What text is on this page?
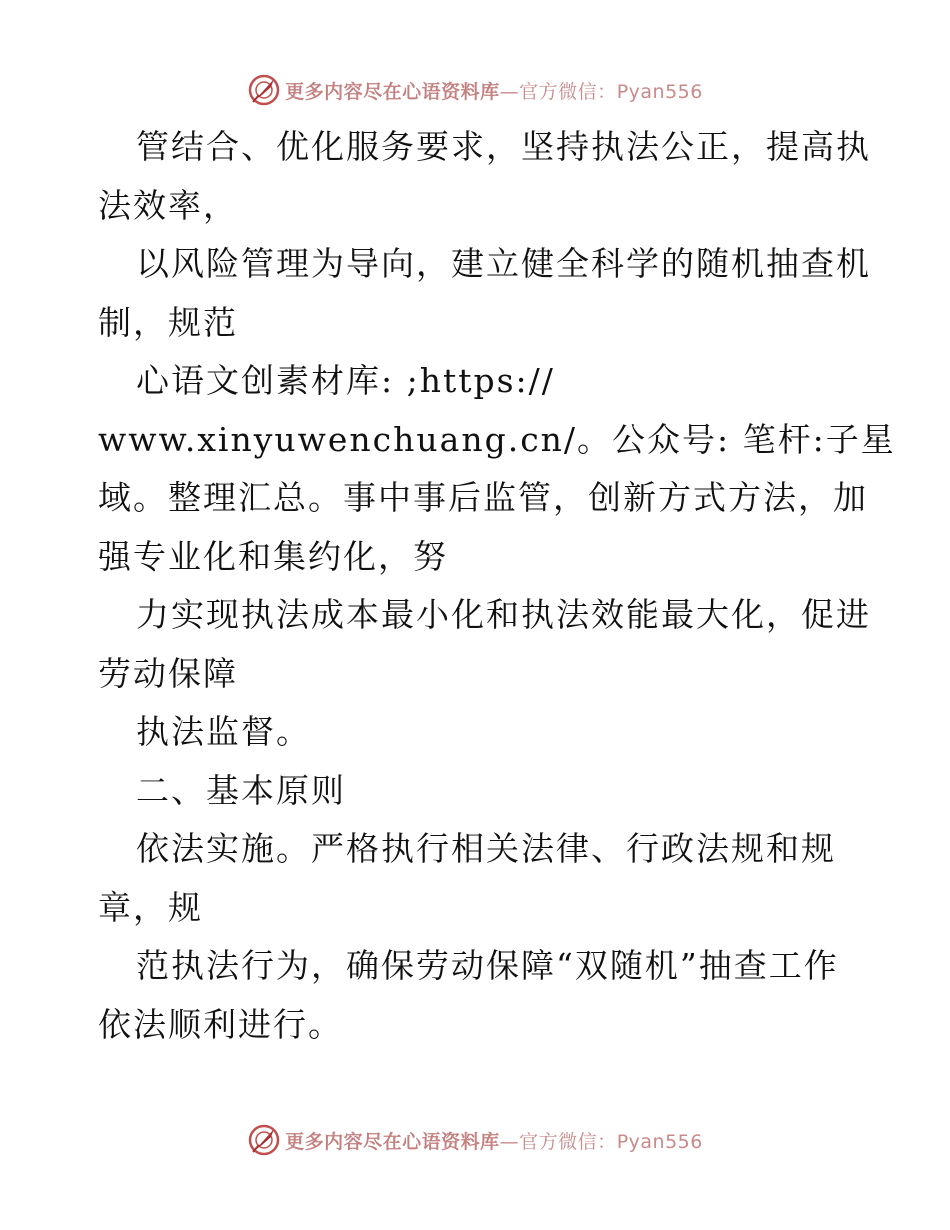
更多内容尽在心语资料库—官方微信：Pyan556
管结合、优化服务要求，坚持执法公正，提高执
法效率，
以风险管理为导向，建立健全科学的随机抽查机
制，规范
心语文创素材库: ;https://
www.xinyuwenchuang.cn/。公众号: 笔杆:子星
域。整理汇总。事中事后监管，创新方式方法，加
强专业化和集约化，努
力实现执法成本最小化和执法效能最大化，促进
劳动保障
执法监督。
二、基本原则
依法实施。严格执行相关法律、行政法规和规
章，规
范执法行为，确保劳动保障“双随机”抽查工作
依法顺利进行。
更多内容尽在心语资料库—官方微信：Pyan556
